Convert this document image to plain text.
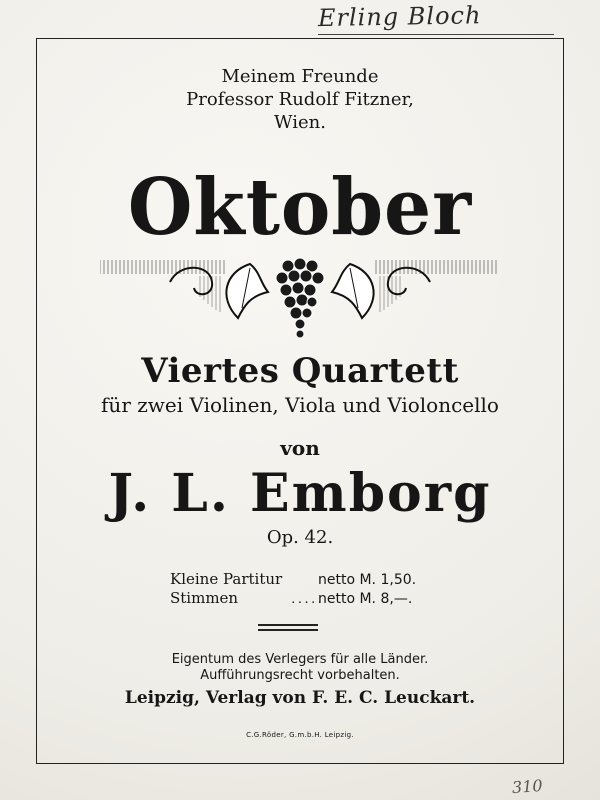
Erling Bloch
Meinem Freunde
Professor Rudolf Fitzner,
Wien.
Oktober
Viertes Quartett
für zwei Violinen, Viola und Violoncello
von
J. L. Emborg
Op. 42.
Kleine Partitur	netto M. 1,50.
Stimmen	.....
netto M. 8,—.
Eigentum des Verlegers für alle Länder.
Aufführungsrecht vorbehalten.
Leipzig, Verlag von F. E. C. Leuckart.
C.G.Röder, G.m.b.H. Leipzig.
310
